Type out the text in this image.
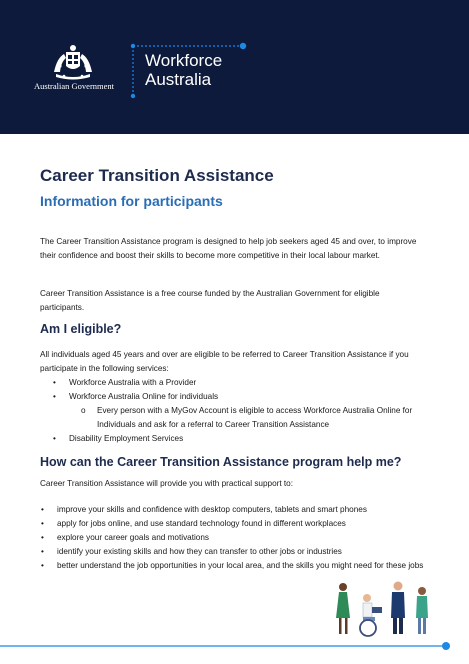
Australian Government
Workforce
Australia
Career Transition Assistance
Information for participants

The Career Transition Assistance program is designed to help job seekers aged 45 and over, to improve their confidence and boost their skills to become more competitive in their local labour market.

Career Transition Assistance is a free course funded by the Australian Government for eligible participants.

Am I eligible?

All individuals aged 45 years and over are eligible to be referred to Career Transition Assistance if you participate in the following services:

• Workforce Australia with a Provider
• Workforce Australia Online for individuals
o Every person with a MyGov Account is eligible to access Workforce Australia Online for Individuals and ask for a referral to Career Transition Assistance
• Disability Employment Services
How can the Career Transition Assistance program help me?

Career Transition Assistance will provide you with practical support to:

• improve your skills and confidence with desktop computers, tablets and smart phones
• apply for jobs online, and use standard technology found in different workplaces
• explore your career goals and motivations
• identify your existing skills and how they can transfer to other jobs or industries
• better understand the job opportunities in your local area, and the skills you might need for these jobs
